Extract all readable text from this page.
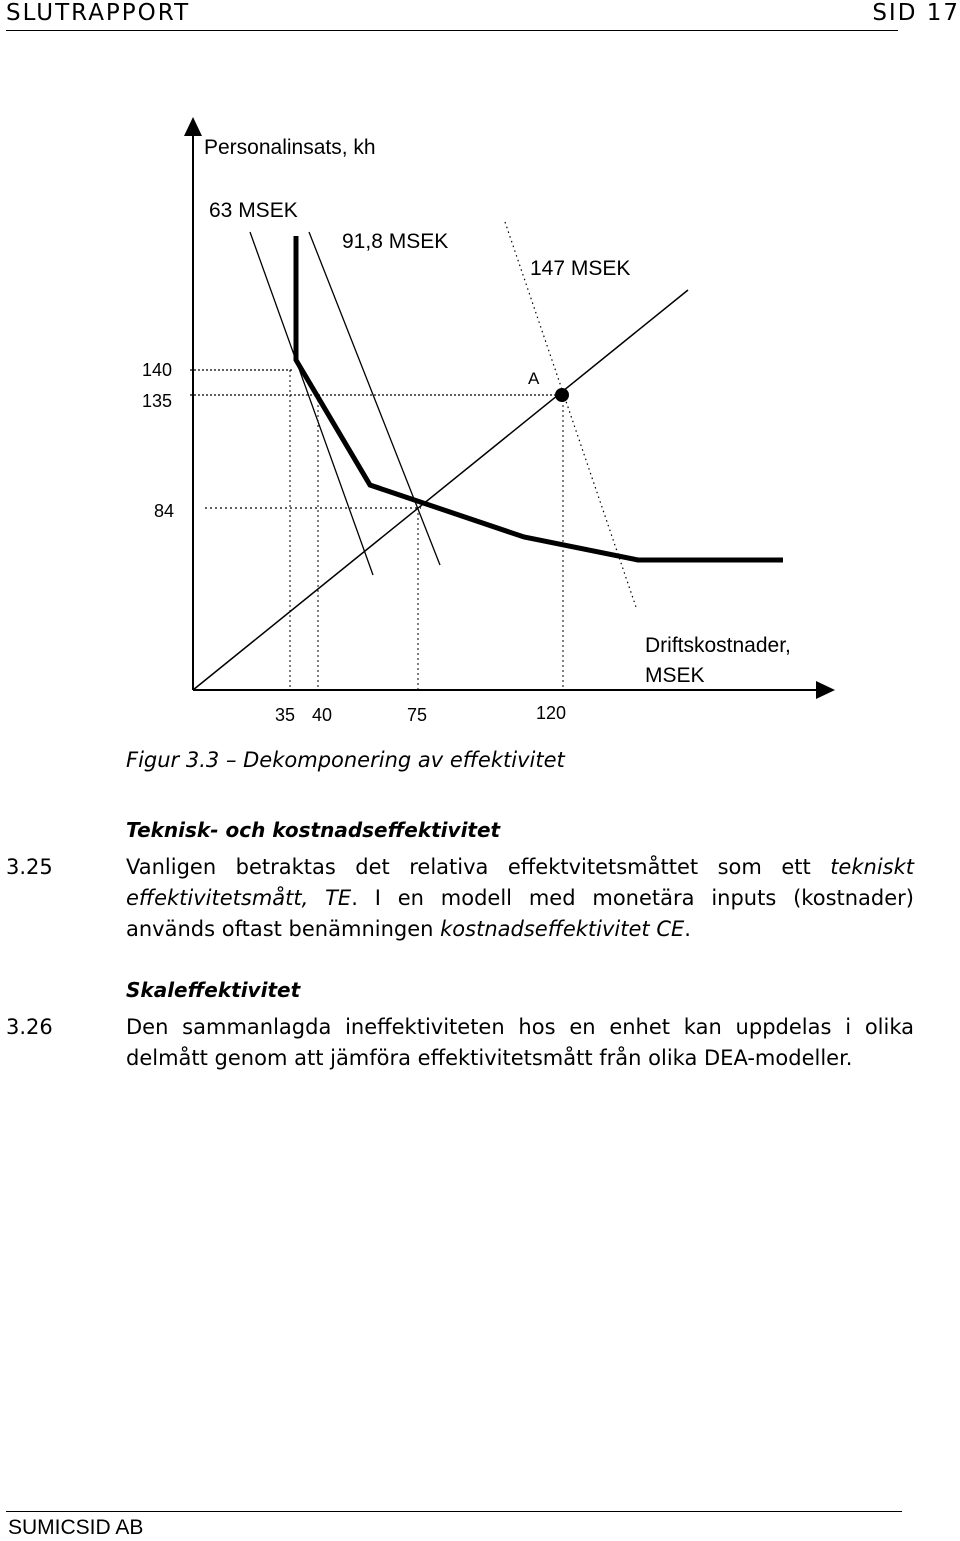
SLUTRAPPORT	SID 17
Personalinsats, kh
Driftskostnader,
MSEK
63 MSEK
91,8 MSEK
147 MSEK
A
140
135
84
35 40	75	120
Figur 3.3 – Dekomponering av effektivitet
Teknisk- och kostnadseffektivitet
3.25	Vanligen betraktas det relativa effektvitetsmåttet som ett tekniskt effektivitetsmått, TE. I en modell med monetära inputs (kostnader) används oftast benämningen kostnadseffektivitet CE.
Skaleffektivitet
3.26	Den sammanlagda ineffektiviteten hos en enhet kan uppdelas i olika delmått genom att jämföra effektivitetsmått från olika DEA-modeller.
SUMICSID AB
